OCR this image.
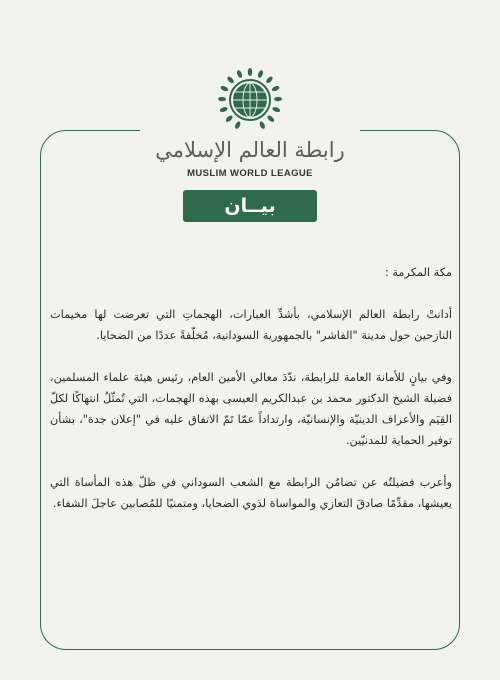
رابطة العالم الإسلامي
MUSLIM WORLD LEAGUE
بيــان

مكة المكرمة :

أدانتْ رابطة العالم الإسلامي، بأشدِّ العبارات، الهجماتِ التي تعرضت لها مخيمات النازحين حول مدينة "الفاشر" بالجمهورية السودانية، مُخلّفةً عددًا من الضحايا.

وفي بيانٍ للأمانة العامة للرابطة، ندّدَ معالي الأمين العام، رئيس هيئة علماء المسلمين، فضيلة الشيخ الدكتور محمد بن عبدالكريم العيسى بهذه الهجمات، التي تُمثّلُ انتهاكًا لكلّ القِيَم والأعراف الدينيّة والإنسانيّة، وارتداداً عمّا تَمّ الاتفاق عليه في "إعلان جدة"، بشأن توفير الحماية للمدنيّين.

وأعرب فضيلتُه عن تضامُن الرابطة مع الشعب السوداني في ظلّ هذه المأساة التي يعيشها، مقدِّمًا صادقَ التعازي والمواساة لذوي الضحايا، ومتمنيًا للمُصابين عاجلَ الشفاء.
